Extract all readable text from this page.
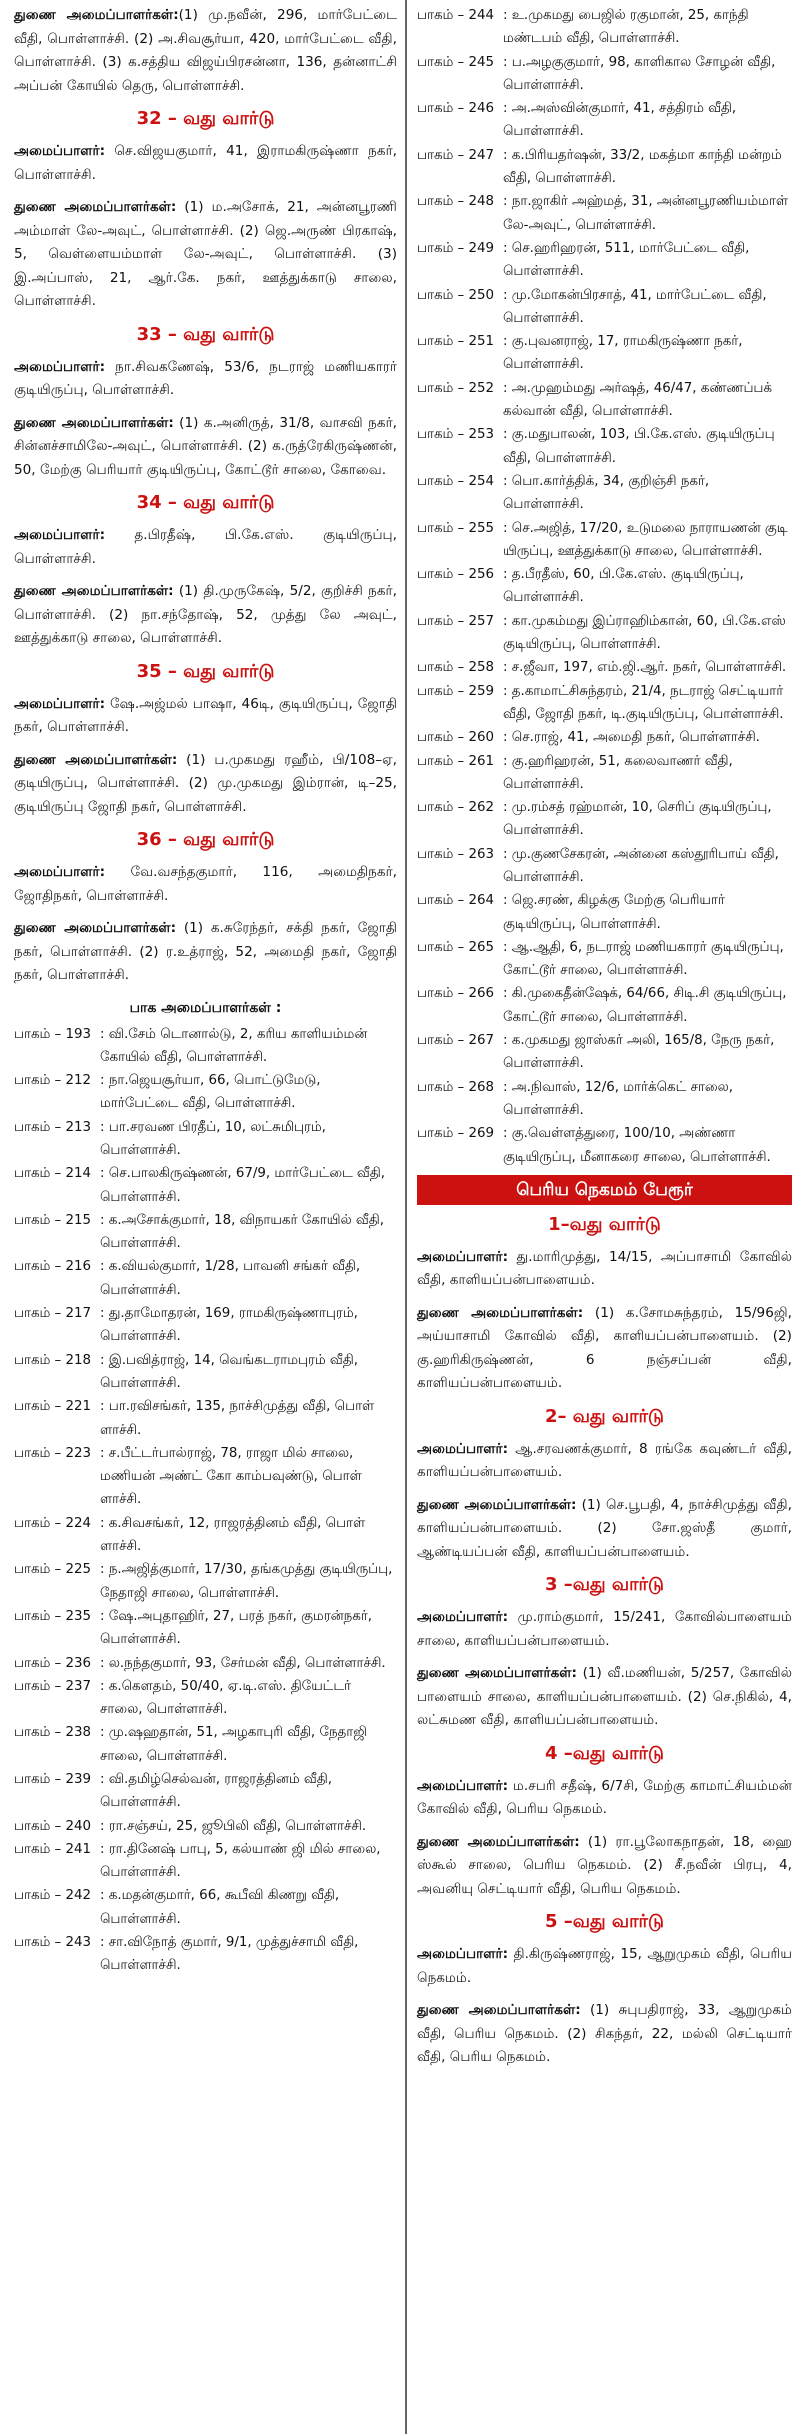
துணை அமைப்பாளர்கள்:(1) மு.நவீன், 296, மார்பேட்டை வீதி, பொள்ளாச்சி. (2) அ.சிவசூர்யா, 420, மார்பேட்டை வீதி, பொள்ளாச்சி. (3) க.சத்திய விஜய்பிரசன்னா, 136, தன்னாட்சி அப்பன் கோயில் தெரு, பொள்ளாச்சி.

32 – வது வார்டு

அமைப்பாளர்: செ.விஜயகுமார், 41, இராமகிருஷ்ணா நகர், பொள்ளாச்சி.

துணை அமைப்பாளர்கள்: (1) ம.அசோக், 21, அன்னபூரணி அம்மாள் லே-அவுட், பொள்ளாச்சி. (2) ஜெ.அருண் பிரகாஷ், 5, வெள்ளையம்மாள் லே-அவுட், பொள்ளாச்சி. (3) இ.அப்பாஸ், 21, ஆர்.கே. நகர், ஊத்துக்காடு சாலை, பொள்ளாச்சி.

33 – வது வார்டு

அமைப்பாளர்: நா.சிவகணேஷ், 53/6, நடராஜ் மணியகாரர் குடியிருப்பு, பொள்ளாச்சி.

துணை அமைப்பாளர்கள்: (1) க.அனிருத், 31/8, வாசவி நகர், சின்னச்சாமிலே-அவுட், பொள்ளாச்சி. (2) க.ருத்ரேகிருஷ்ணன், 50, மேற்கு பெரியார் குடியிருப்பு, கோட்டூர் சாலை, கோவை.

34 – வது வார்டு

அமைப்பாளர்: த.பிரதீஷ், பி.கே.எஸ். குடியிருப்பு, பொள்ளாச்சி.

துணை அமைப்பாளர்கள்: (1) தி.முருகேஷ், 5/2, குறிச்சி நகர், பொள்ளாச்சி. (2) நா.சந்தோஷ், 52, முத்து லே அவுட், ஊத்துக்காடு சாலை, பொள்ளாச்சி.

35 – வது வார்டு

அமைப்பாளர்: ஷே.அஜ்மல் பாஷா, 46டி, குடியிருப்பு, ஜோதி நகர், பொள்ளாச்சி.

துணை அமைப்பாளர்கள்: (1) ப.முகமது ரஹீம், பி/108–ஏ, குடியிருப்பு, பொள்ளாச்சி. (2) மு.முகமது இம்ரான், டி–25, குடியிருப்பு ஜோதி நகர், பொள்ளாச்சி.

36 – வது வார்டு

அமைப்பாளர்: வே.வசந்தகுமார், 116, அமைதிநகர், ஜோதிநகர், பொள்ளாச்சி.

துணை அமைப்பாளர்கள்: (1) க.சுரேந்தர், சக்தி நகர், ஜோதி நகர், பொள்ளாச்சி. (2) ர.உத்ராஜ், 52, அமைதி நகர், ஜோதி நகர், பொள்ளாச்சி.

பாக அமைப்பாளர்கள் :
பாகம் – 193 : வி.சேம் டொனால்டு, 2, கரிய காளியம்மன் கோயில் வீதி, பொள்ளாச்சி.
பாகம் – 212 : நா.ஜெயசூர்யா, 66, பொட்டுமேடு, மார்பேட்டை வீதி, பொள்ளாச்சி.
பாகம் – 213 : பா.சரவண பிரதீப், 10, லட்சுமிபுரம், பொள்ளாச்சி.
பாகம் – 214 : செ.பாலகிருஷ்ணன், 67/9, மார்பேட்டை வீதி, பொள்ளாச்சி.
பாகம் – 215 : க.அசோக்குமார், 18, விநாயகர் கோயில் வீதி, பொள்ளாச்சி.
பாகம் – 216 : க.வியல்குமார், 1/28, பாவனி சங்கர் வீதி, பொள்ளாச்சி.
பாகம் – 217 : து.தாமோதரன், 169, ராமகிருஷ்ணாபுரம், பொள்ளாச்சி.
பாகம் – 218 : இ.பவித்ராஜ், 14, வெங்கடராமபுரம் வீதி, பொள்ளாச்சி.
பாகம் – 221 : பா.ரவிசங்கர், 135, நாச்சிமுத்து வீதி, பொள் ளாச்சி.
பாகம் – 223 : ச.பீட்டர்பால்ராஜ், 78, ராஜா மில் சாலை, மணியன் அண்ட் கோ காம்பவுண்டு, பொள் ளாச்சி.
பாகம் – 224 : க.சிவசங்கர், 12, ராஜரத்தினம் வீதி, பொள் ளாச்சி.
பாகம் – 225 : ந.அஜித்குமார், 17/30, தங்கமுத்து குடியிருப்பு, நேதாஜி சாலை, பொள்ளாச்சி.
பாகம் – 235 : ஷே.அபுதாஹிர், 27, பரத் நகர், குமரன்நகர், பொள்ளாச்சி.
பாகம் – 236 : ல.நந்தகுமார், 93, சேர்மன் வீதி, பொள்ளாச்சி.
பாகம் – 237 : க.கௌதம், 50/40, ஏ.டி.எஸ். தியேட்டர் சாலை, பொள்ளாச்சி.
பாகம் – 238 : மு.ஷஹதான், 51, அழகாபுரி வீதி, நேதாஜி சாலை, பொள்ளாச்சி.
பாகம் – 239 : வி.தமிழ்செல்வன், ராஜரத்தினம் வீதி, பொள்ளாச்சி.
பாகம் – 240 : ரா.சஞ்சய், 25, ஜூபிலி வீதி, பொள்ளாச்சி.
பாகம் – 241 : ரா.தினேஷ் பாபு, 5, கல்யாண் ஜி மில் சாலை, பொள்ளாச்சி.
பாகம் – 242 : க.மதன்குமார், 66, கூபீவி கிணறு வீதி, பொள்ளாச்சி.
பாகம் – 243 : சா.விநோத் குமார், 9/1, முத்துச்சாமி வீதி, பொள்ளாச்சி.
பாகம் – 244 : உ.முகமது பைஜில் ரகுமான், 25, காந்தி மண்டபம் வீதி, பொள்ளாச்சி.
பாகம் – 245 : ப.அழகுகுமார், 98, காளிகால சோழன் வீதி, பொள்ளாச்சி.
பாகம் – 246 : அ.அஸ்வின்குமார், 41, சத்திரம் வீதி, பொள்ளாச்சி.
பாகம் – 247 : க.பிரியதர்ஷன், 33/2, மகத்மா காந்தி மன்றம் வீதி, பொள்ளாச்சி.
பாகம் – 248 : நா.ஜாகிர் அஹ்மத், 31, அன்னபூரணியம்மாள் லே-அவுட், பொள்ளாச்சி.
பாகம் – 249 : செ.ஹரிஹரன், 511, மார்பேட்டை வீதி, பொள்ளாச்சி.
பாகம் – 250 : மு.மோகன்பிரசாத், 41, மார்பேட்டை வீதி, பொள்ளாச்சி.
பாகம் – 251 : கு.புவனராஜ், 17, ராமகிருஷ்ணா நகர், பொள்ளாச்சி.
பாகம் – 252 : அ.முஹம்மது அர்ஷத், 46/47, கண்ணப்பக் கல்வான் வீதி, பொள்ளாச்சி.
பாகம் – 253 : கு.மதுபாலன், 103, பி.கே.எஸ். குடியிருப்பு வீதி, பொள்ளாச்சி.
பாகம் – 254 : பொ.கார்த்திக், 34, குறிஞ்சி நகர், பொள்ளாச்சி.
பாகம் – 255 : செ.அஜித், 17/20, உடுமலை நாராயணன் குடி யிருப்பு, ஊத்துக்காடு சாலை, பொள்ளாச்சி.
பாகம் – 256 : த.பீரதீஸ், 60, பி.கே.எஸ். குடியிருப்பு, பொள்ளாச்சி.
பாகம் – 257 : கா.முகம்மது இப்ராஹிம்கான், 60, பி.கே.எஸ் குடியிருப்பு, பொள்ளாச்சி.
பாகம் – 258 : ச.ஜீவா, 197, எம்.ஜி.ஆர். நகர், பொள்ளாச்சி.
பாகம் – 259 : த.காமாட்சிசுந்தரம், 21/4, நடராஜ் செட்டியார் வீதி, ஜோதி நகர், டி.குடியிருப்பு, பொள்ளாச்சி.
பாகம் – 260 : செ.ராஜ், 41, அமைதி நகர், பொள்ளாச்சி.
பாகம் – 261 : கு.ஹரிஹரன், 51, கலைவாணர் வீதி, பொள்ளாச்சி.
பாகம் – 262 : மு.ரம்சத் ரஹ்மான், 10, செரிப் குடியிருப்பு, பொள்ளாச்சி.
பாகம் – 263 : மு.குணசேகரன், அன்னை கஸ்தூரிபாய் வீதி, பொள்ளாச்சி.
பாகம் – 264 : ஜெ.சரண், கிழக்கு மேற்கு பெரியார் குடியிருப்பு, பொள்ளாச்சி.
பாகம் – 265 : ஆ.ஆதி, 6, நடராஜ் மணியகாரர் குடியிருப்பு, கோட்டூர் சாலை, பொள்ளாச்சி.
பாகம் – 266 : கி.முகைதீன்ஷேக், 64/66, சிடி.சி குடியிருப்பு, கோட்டூர் சாலை, பொள்ளாச்சி.
பாகம் – 267 : க.முகமது ஜாஸ்கர் அலி, 165/8, நேரு நகர், பொள்ளாச்சி.
பாகம் – 268 : அ.நிவாஸ், 12/6, மார்க்கெட் சாலை, பொள்ளாச்சி.
பாகம் – 269 : கு.வெள்ளத்துரை, 100/10, அண்ணா குடியிருப்பு, மீனாகரை சாலை, பொள்ளாச்சி.
பெரிய நெகமம் பேரூர்
1–வது வார்டு

அமைப்பாளர்: து.மாரிமுத்து, 14/15, அப்பாசாமி கோவில் வீதி, காளியப்பன்பாளையம்.

துணை அமைப்பாளர்கள்: (1) க.சோமசுந்தரம், 15/96ஜி, அய்யாசாமி கோவில் வீதி, காளியப்பன்பாளையம். (2) கு.ஹரிகிருஷ்ணன், 6 நஞ்சப்பன் வீதி, காளியப்பன்பாளையம்.

2– வது வார்டு

அமைப்பாளர்: ஆ.சரவணக்குமார், 8 ரங்கே கவுண்டர் வீதி, காளியப்பன்பாளையம்.

துணை அமைப்பாளர்கள்: (1) செ.பூபதி, 4, நாச்சிமுத்து வீதி, காளியப்பன்பாளையம். (2) சோ.ஜஸ்தீ குமார், ஆண்டியப்பன் வீதி, காளியப்பன்பாளையம்.

3 –வது வார்டு

அமைப்பாளர்: மு.ராம்குமார், 15/241, கோவில்பாளையம் சாலை, காளியப்பன்பாளையம்.

துணை அமைப்பாளர்கள்: (1) வீ.மணியன், 5/257, கோவில் பாளையம் சாலை, காளியப்பன்பாளையம். (2) செ.நிகில், 4, லட்சுமண வீதி, காளியப்பன்பாளையம்.

4 –வது வார்டு

அமைப்பாளர்: ம.சபரி சதீஷ், 6/7சி, மேற்கு காமாட்சியம்மன் கோவில் வீதி, பெரிய நெகமம்.

துணை அமைப்பாளர்கள்: (1) ரா.பூலோகநாதன், 18, ஹை ஸ்கூல் சாலை, பெரிய நெகமம். (2) சீ.நவீன் பிரபு, 4, அவனியு செட்டியார் வீதி, பெரிய நெகமம்.

5 –வது வார்டு

அமைப்பாளர்: தி.கிருஷ்ணராஜ், 15, ஆறுமுகம் வீதி, பெரிய நெகமம்.

துணை அமைப்பாளர்கள்: (1) சுபுபதிராஜ், 33, ஆறுமுகம் வீதி, பெரிய நெகமம். (2) சிகந்தர், 22, மல்லி செட்டியார் வீதி, பெரிய நெகமம்.
